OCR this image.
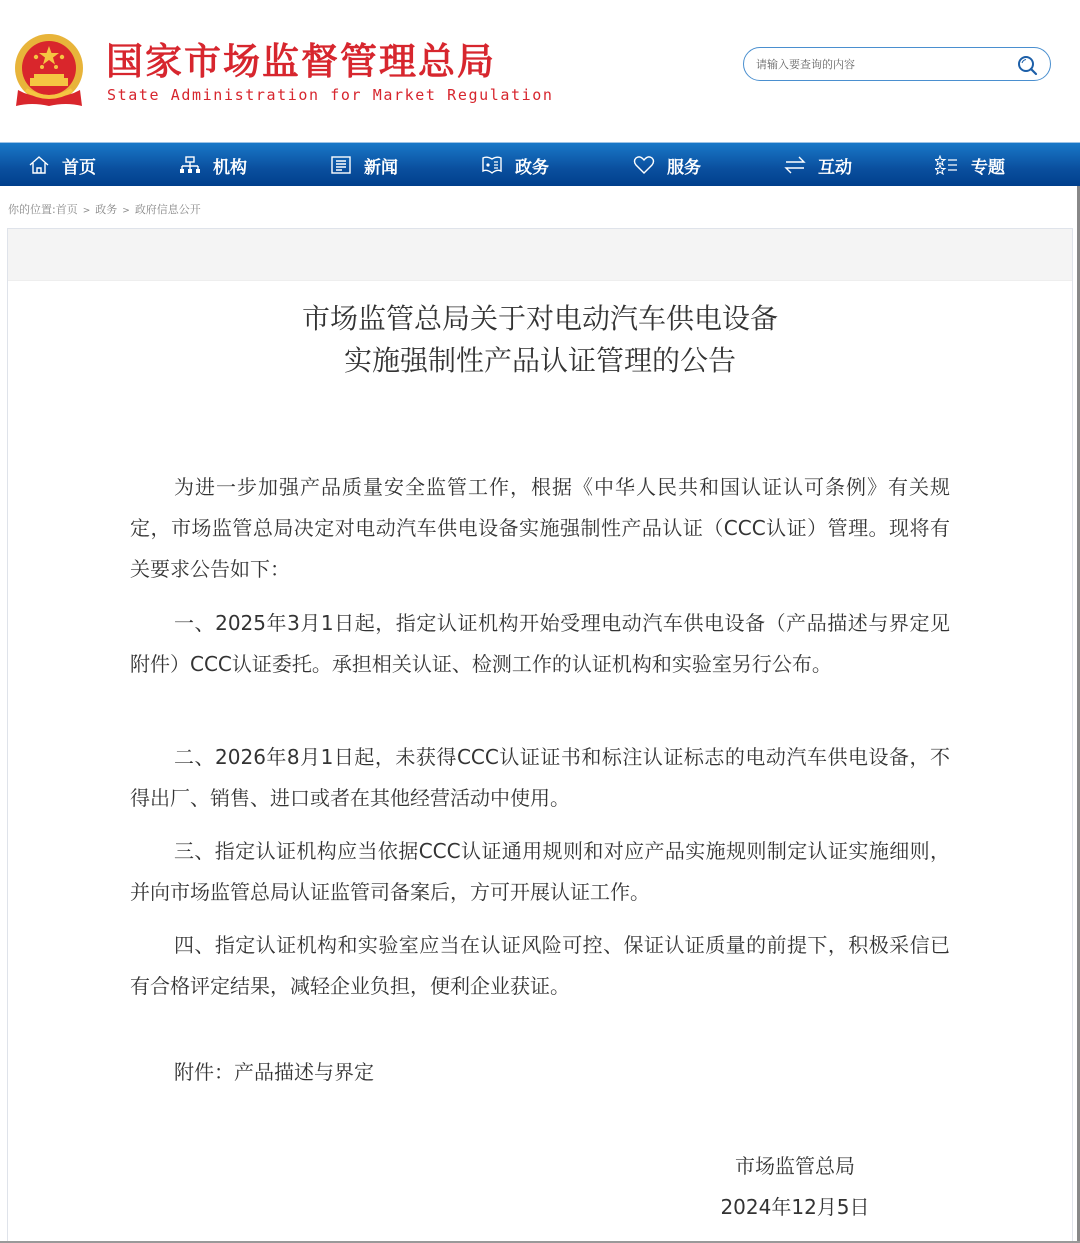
国家市场监督管理总局
State Administration for Market Regulation
请输入要查询的内容
首页	机构	新闻	政务	服务	互动	专题
你的位置:首页 > 政务 > 政府信息公开
市场监管总局关于对电动汽车供电设备
实施强制性产品认证管理的公告

为进一步加强产品质量安全监管工作，根据《中华人民共和国认证认可条例》有关规定，市场监管总局决定对电动汽车供电设备实施强制性产品认证（CCC认证）管理。现将有关要求公告如下：

一、2025年3月1日起，指定认证机构开始受理电动汽车供电设备（产品描述与界定见附件）CCC认证委托。承担相关认证、检测工作的认证机构和实验室另行公布。

二、2026年8月1日起，未获得CCC认证证书和标注认证标志的电动汽车供电设备，不得出厂、销售、进口或者在其他经营活动中使用。

三、指定认证机构应当依据CCC认证通用规则和对应产品实施规则制定认证实施细则，并向市场监管总局认证监管司备案后，方可开展认证工作。

四、指定认证机构和实验室应当在认证风险可控、保证认证质量的前提下，积极采信已有合格评定结果，减轻企业负担，便利企业获证。

附件：产品描述与界定

市场监管总局
2024年12月5日
